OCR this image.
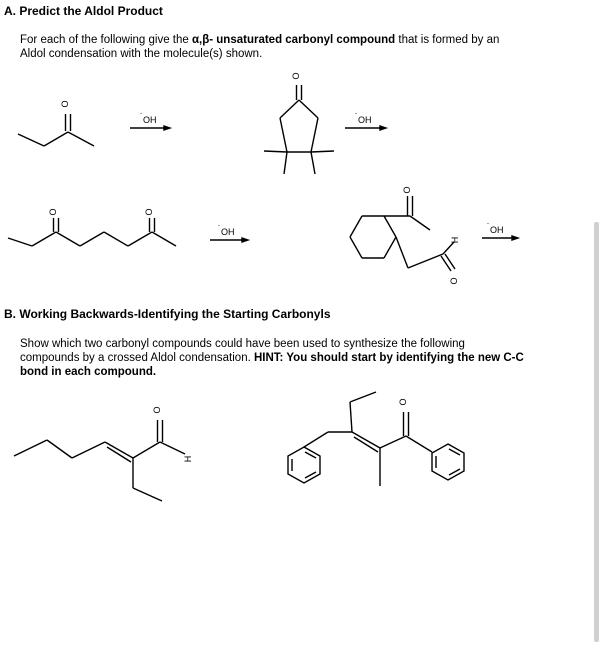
A. Predict the Aldol Product
For each of the following give the α,β- unsaturated carbonyl compound that is formed by an Aldol condensation with the molecule(s) shown.
B. Working Backwards-Identifying the Starting Carbonyls
Show which two carbonyl compounds could have been used to synthesize the following compounds by a crossed Aldol condensation. HINT: You should start by identifying the new C-C bond in each compound.
O
-
OH
O
-
OH
O	O
-
OH
O
H
O
-
OH
O
H
O
